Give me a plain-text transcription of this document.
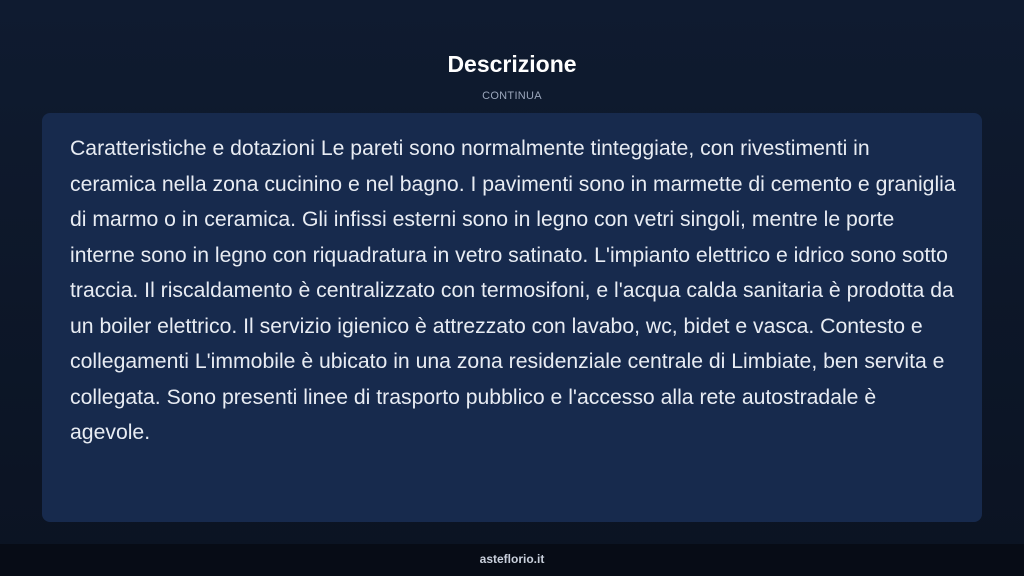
Descrizione
CONTINUA

Caratteristiche e dotazioni Le pareti sono normalmente tinteggiate, con rivestimenti in ceramica nella zona cucinino e nel bagno. I pavimenti sono in marmette di cemento e graniglia di marmo o in ceramica. Gli infissi esterni sono in legno con vetri singoli, mentre le porte interne sono in legno con riquadratura in vetro satinato. L'impianto elettrico e idrico sono sotto traccia. Il riscaldamento è centralizzato con termosifoni, e l'acqua calda sanitaria è prodotta da un boiler elettrico. Il servizio igienico è attrezzato con lavabo, wc, bidet e vasca. Contesto e collegamenti L'immobile è ubicato in una zona residenziale centrale di Limbiate, ben servita e collegata. Sono presenti linee di trasporto pubblico e l'accesso alla rete autostradale è agevole.

asteflorio.it
